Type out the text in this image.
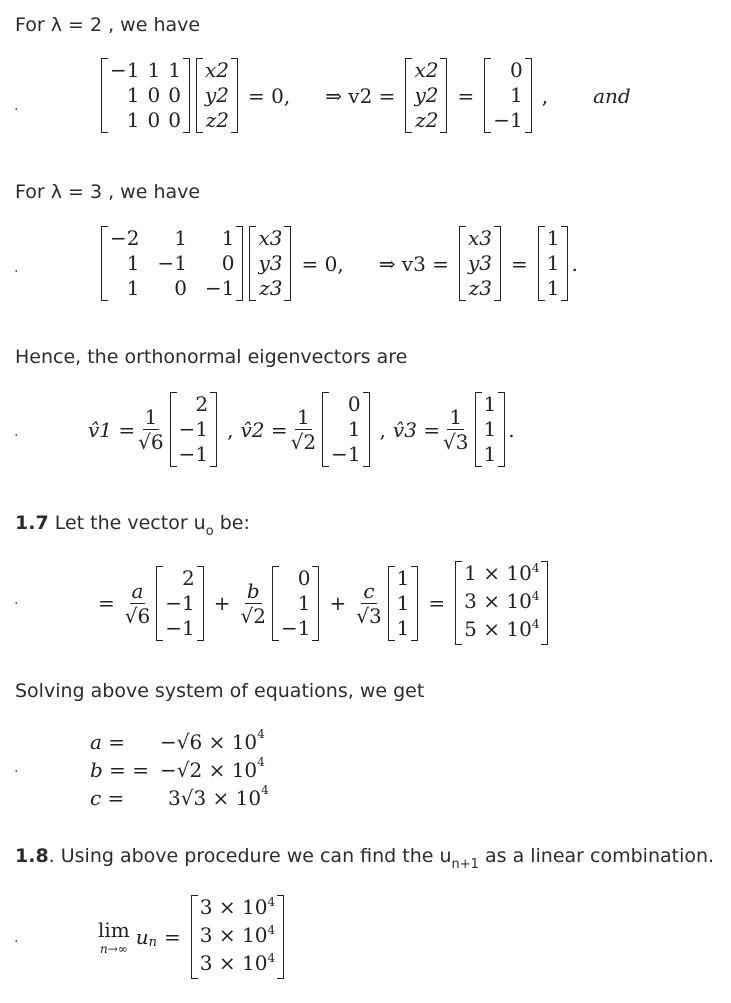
For λ = 2 , we have
.
−1	1	1
1	0	0
1	0	0
x2
y2
z2
= 0, ⇒ v2 =
x2
y2
z2
=
0
1
−1
, and
For λ = 3 , we have
.
−2	1	1
1	−1	0
1	0	−1
x3
y3
z3
= 0, ⇒ v3 =
x3
y3
z3
=
1
1
1
.
Hence, the orthonormal eigenvectors are
.	v̂1 = $\frac{1}{√6}$
2
−1
−1
, v̂2 = $\frac{1}{√2}$
0
1
−1
, v̂3 = $\frac{1}{√3}$
1
1
1
.
1.7 Let the vector $u_o$ be:
.	= $\frac{a}{√6}$
2
−1
−1
+ $\frac{b}{√2}$
0
1
−1
+ $\frac{c}{√3}$
1
1
1
=
$1 \times 10^4$
$3 \times 10^4$
$5 \times 10^4$
Solving above system of equations, we get
.
a =	−√6 × 10 4
b = = −√2 × 10 4
c =	3√3 × 10 4
1.8. Using above procedure we can find the $u_{n+1}$ as a linear combination.
.	lim
n→∞ u n =
$3 \times 10^4$
$3 \times 10^4$
$3 \times 10^4$
